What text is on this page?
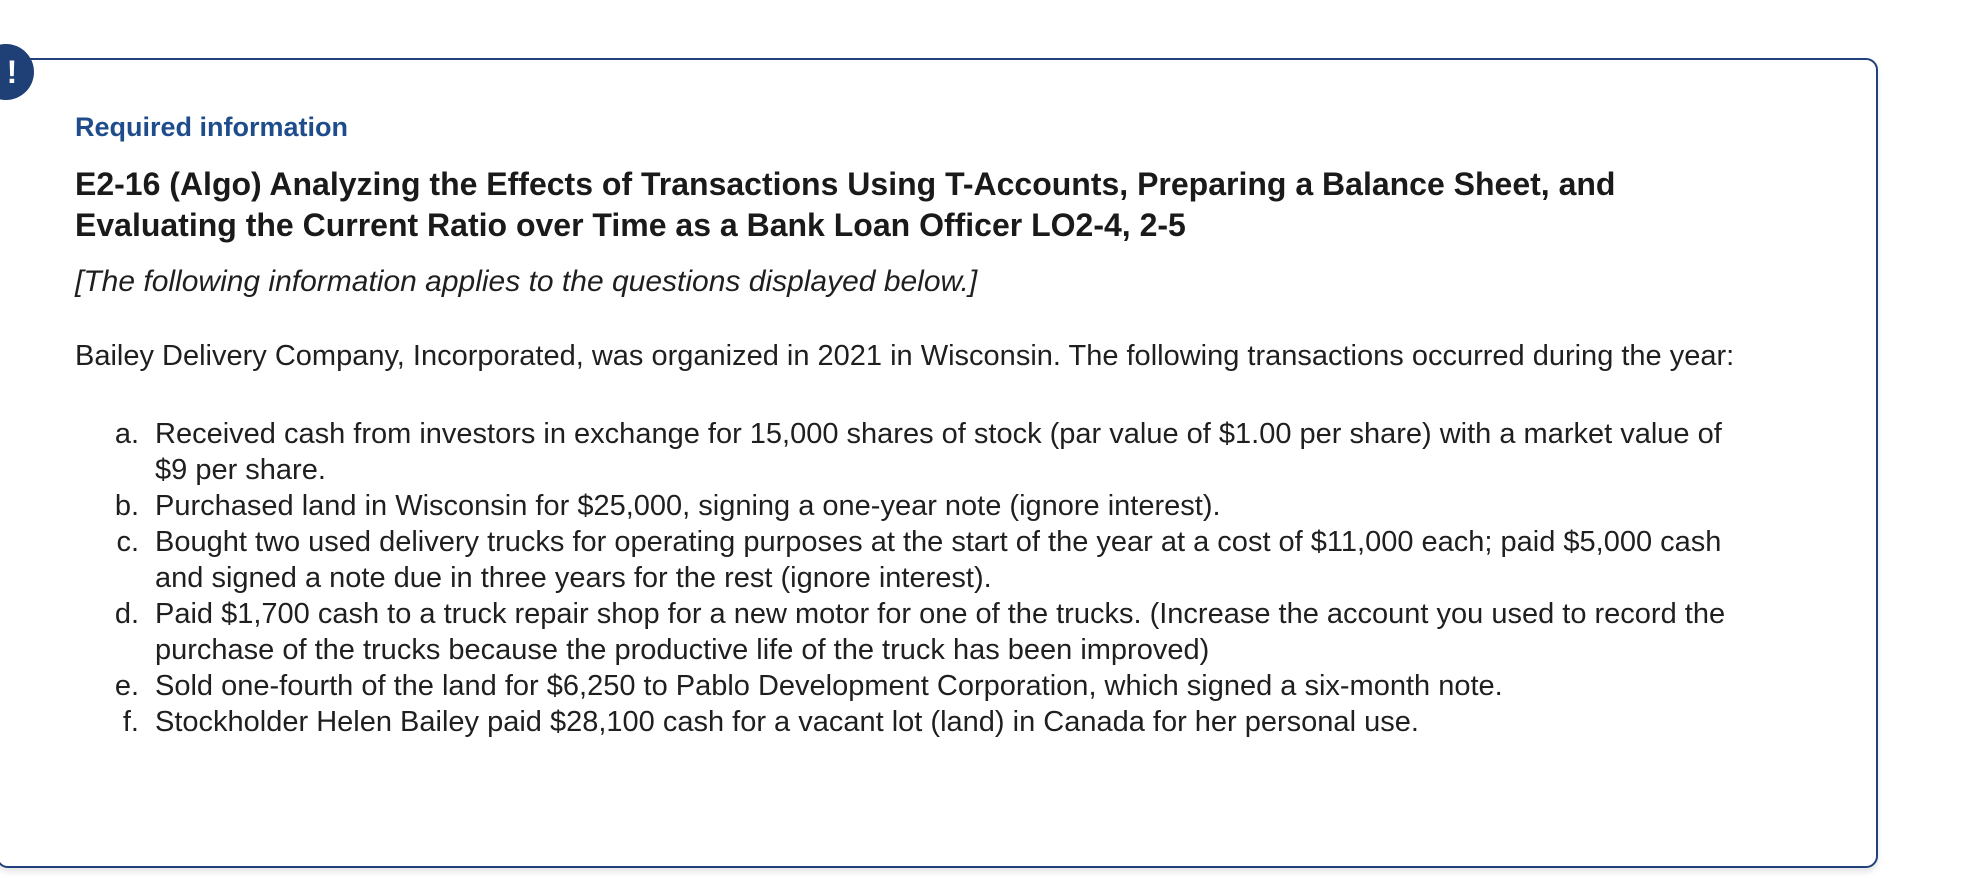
!

Required information

E2-16 (Algo) Analyzing the Effects of Transactions Using T-Accounts, Preparing a Balance Sheet, and Evaluating the Current Ratio over Time as a Bank Loan Officer LO2-4, 2-5

[The following information applies to the questions displayed below.]

Bailey Delivery Company, Incorporated, was organized in 2021 in Wisconsin. The following transactions occurred during the year:

a. Received cash from investors in exchange for 15,000 shares of stock (par value of $1.00 per share) with a market value of $9 per share.
b. Purchased land in Wisconsin for $25,000, signing a one-year note (ignore interest).
c. Bought two used delivery trucks for operating purposes at the start of the year at a cost of $11,000 each; paid $5,000 cash and signed a note due in three years for the rest (ignore interest).
d. Paid $1,700 cash to a truck repair shop for a new motor for one of the trucks. (Increase the account you used to record the purchase of the trucks because the productive life of the truck has been improved)
e. Sold one-fourth of the land for $6,250 to Pablo Development Corporation, which signed a six-month note.
f. Stockholder Helen Bailey paid $28,100 cash for a vacant lot (land) in Canada for her personal use.
